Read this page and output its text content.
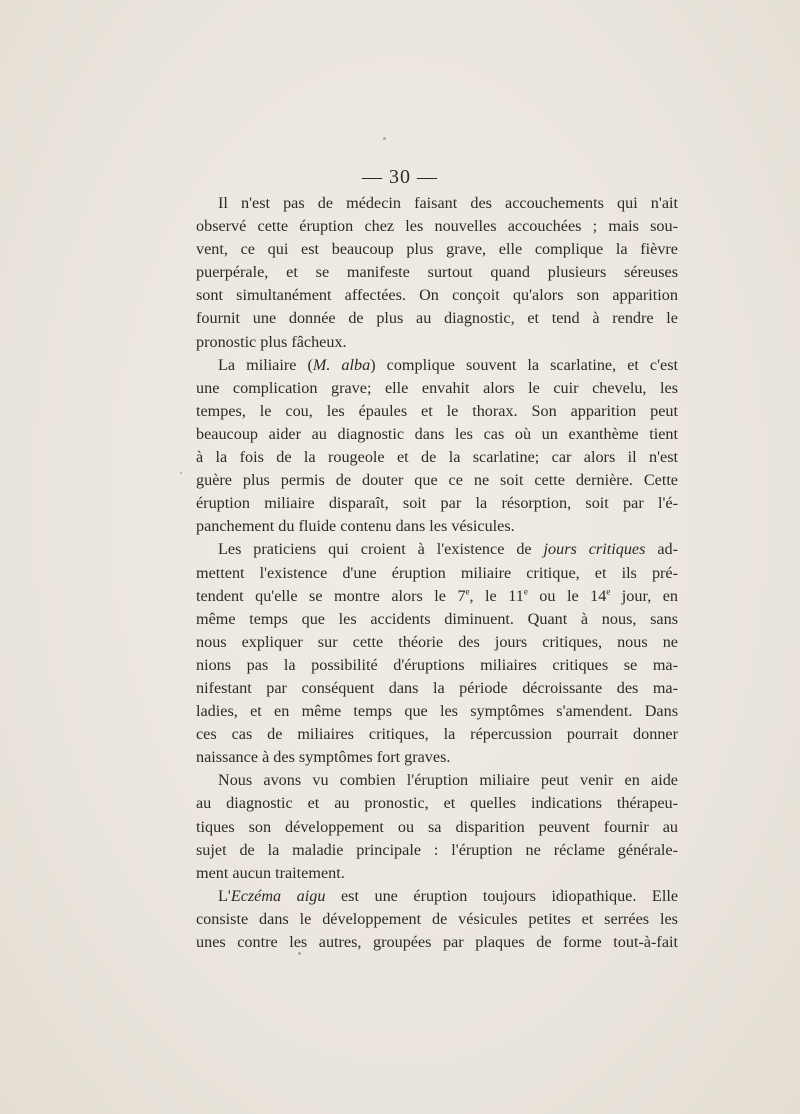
— 30 —
Il n'est pas de médecin faisant des accouchements qui n'ait
observé cette éruption chez les nouvelles accouchées ; mais sou-
vent, ce qui est beaucoup plus grave, elle complique la fièvre
puerpérale, et se manifeste surtout quand plusieurs séreuses
sont simultanément affectées. On conçoit qu'alors son apparition
fournit une donnée de plus au diagnostic, et tend à rendre le
pronostic plus fâcheux.
La miliaire (M. alba) complique souvent la scarlatine, et c'est
une complication grave; elle envahit alors le cuir chevelu, les
tempes, le cou, les épaules et le thorax. Son apparition peut
beaucoup aider au diagnostic dans les cas où un exanthème tient
à la fois de la rougeole et de la scarlatine; car alors il n'est
guère plus permis de douter que ce ne soit cette dernière. Cette
éruption miliaire disparaît, soit par la résorption, soit par l'é-
panchement du fluide contenu dans les vésicules.
Les praticiens qui croient à l'existence de jours critiques ad-
mettent l'existence d'une éruption miliaire critique, et ils pré-
tendent qu'elle se montre alors le 7e, le 11e ou le 14e jour, en
même temps que les accidents diminuent. Quant à nous, sans
nous expliquer sur cette théorie des jours critiques, nous ne
nions pas la possibilité d'éruptions miliaires critiques se ma-
nifestant par conséquent dans la période décroissante des ma-
ladies, et en même temps que les symptômes s'amendent. Dans
ces cas de miliaires critiques, la répercussion pourrait donner
naissance à des symptômes fort graves.
Nous avons vu combien l'éruption miliaire peut venir en aide
au diagnostic et au pronostic, et quelles indications thérapeu-
tiques son développement ou sa disparition peuvent fournir au
sujet de la maladie principale : l'éruption ne réclame générale-
ment aucun traitement.
L'Eczéma aigu est une éruption toujours idiopathique. Elle
consiste dans le développement de vésicules petites et serrées les
unes contre les autres, groupées par plaques de forme tout-à-fait
